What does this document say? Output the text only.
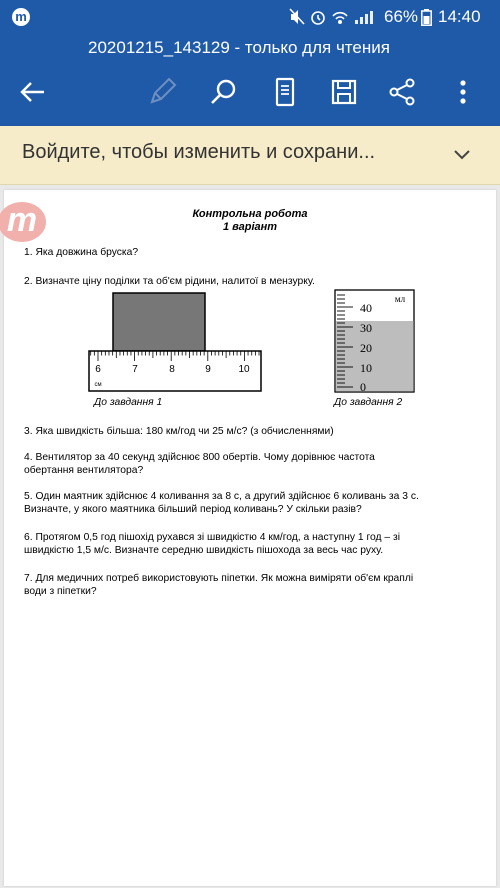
m	66% 14:40
20201215_143129 - только для чтения
Войдите, чтобы изменить и сохрани...
m	Контрольна робота
1 варіант
1. Яка довжина бруска?
2. Визначте ціну поділки та об'єм рідини, налитої в мензурку.
6	7	8	9	10
см
мл
40
30
20
10
0
До завдання 1	До завдання 2
3. Яка швидкість більша: 180 км/год чи 25 м/с? (з обчисленнями)
4. Вентилятор за 40 секунд здійснює 800 обертів. Чому дорівнює частота
обертання вентилятора?
5. Один маятник здійснює 4 коливання за 8 с, а другий здійснює 6 коливань за 3 с.
Визначте, у якого маятника більший період коливань? У скільки разів?
6. Протягом 0,5 год пішохід рухався зі швидкістю 4 км/год, а наступну 1 год – зі
швидкістю 1,5 м/с. Визначте середню швидкість пішохода за весь час руху.
7. Для медичних потреб використовують піпетки. Як можна виміряти об'єм краплі
води з піпетки?
